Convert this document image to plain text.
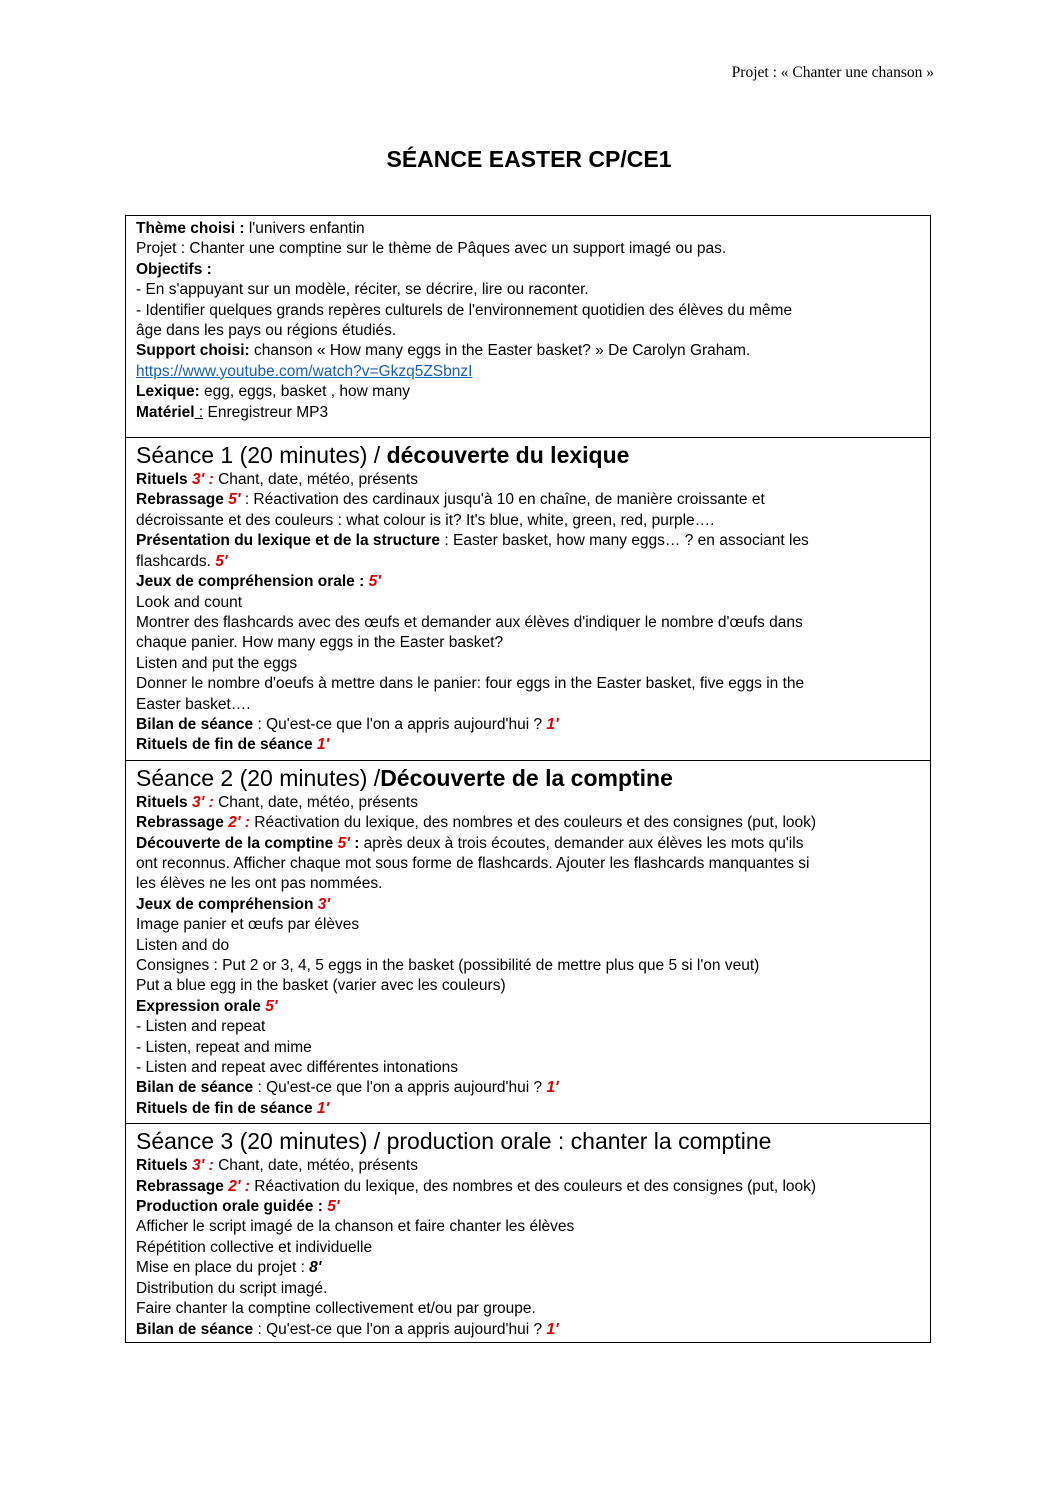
Projet : « Chanter une chanson »
SÉANCE EASTER CP/CE1
Thème choisi : l'univers enfantin
Projet : Chanter une comptine sur le thème de Pâques avec un support imagé ou pas.
Objectifs :
- En s'appuyant sur un modèle, réciter, se décrire, lire ou raconter.
- Identifier quelques grands repères culturels de l'environnement quotidien des élèves du même
âge dans les pays ou régions étudiés.
Support choisi: chanson « How many eggs in the Easter basket? » De Carolyn Graham.
https://www.youtube.com/watch?v=Gkzq5ZSbnzI
Lexique: egg, eggs, basket , how many
Matériel : Enregistreur MP3
Séance 1 (20 minutes) / découverte du lexique
Rituels 3' : Chant, date, météo, présents
Rebrassage 5' : Réactivation des cardinaux jusqu'à 10 en chaîne, de manière croissante et
décroissante et des couleurs : what colour is it? It's blue, white, green, red, purple….
Présentation du lexique et de la structure : Easter basket, how many eggs… ? en associant les
flashcards. 5'
Jeux de compréhension orale : 5'
Look and count
Montrer des flashcards avec des œufs et demander aux élèves d'indiquer le nombre d'œufs dans
chaque panier. How many eggs in the Easter basket?
Listen and put the eggs
Donner le nombre d'oeufs à mettre dans le panier: four eggs in the Easter basket, five eggs in the
Easter basket….
Bilan de séance : Qu'est-ce que l'on a appris aujourd'hui ? 1'
Rituels de fin de séance 1'
Séance 2 (20 minutes) /Découverte de la comptine
Rituels 3' : Chant, date, météo, présents
Rebrassage 2' : Réactivation du lexique, des nombres et des couleurs et des consignes (put, look)
Découverte de la comptine 5' : après deux à trois écoutes, demander aux élèves les mots qu'ils
ont reconnus. Afficher chaque mot sous forme de flashcards. Ajouter les flashcards manquantes si
les élèves ne les ont pas nommées.
Jeux de compréhension 3'
Image panier et œufs par élèves
Listen and do
Consignes : Put 2 or 3, 4, 5 eggs in the basket (possibilité de mettre plus que 5 si l'on veut)
Put a blue egg in the basket (varier avec les couleurs)
Expression orale 5'
- Listen and repeat
- Listen, repeat and mime
- Listen and repeat avec différentes intonations
Bilan de séance : Qu'est-ce que l'on a appris aujourd'hui ? 1'
Rituels de fin de séance 1'
Séance 3 (20 minutes) / production orale : chanter la comptine
Rituels 3' : Chant, date, météo, présents
Rebrassage 2' : Réactivation du lexique, des nombres et des couleurs et des consignes (put, look)
Production orale guidée : 5'
Afficher le script imagé de la chanson et faire chanter les élèves
Répétition collective et individuelle
Mise en place du projet : 8'
Distribution du script imagé.
Faire chanter la comptine collectivement et/ou par groupe.
Bilan de séance : Qu'est-ce que l'on a appris aujourd'hui ? 1'
